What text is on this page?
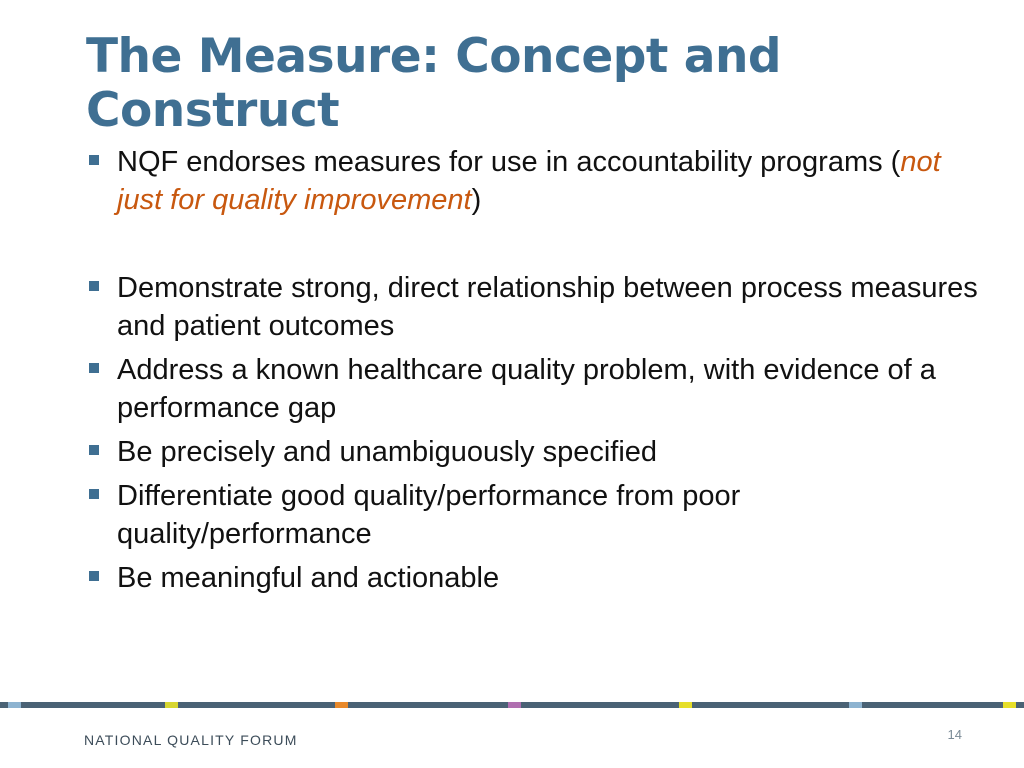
The Measure: Concept and Construct
NQF endorses measures for use in accountability programs (not just for quality improvement)
Demonstrate strong, direct relationship between process measures and patient outcomes
Address a known healthcare quality problem, with evidence of a performance gap
Be precisely and unambiguously specified
Differentiate good quality/performance from poor quality/performance
Be meaningful and actionable
NATIONAL QUALITY FORUM	14
